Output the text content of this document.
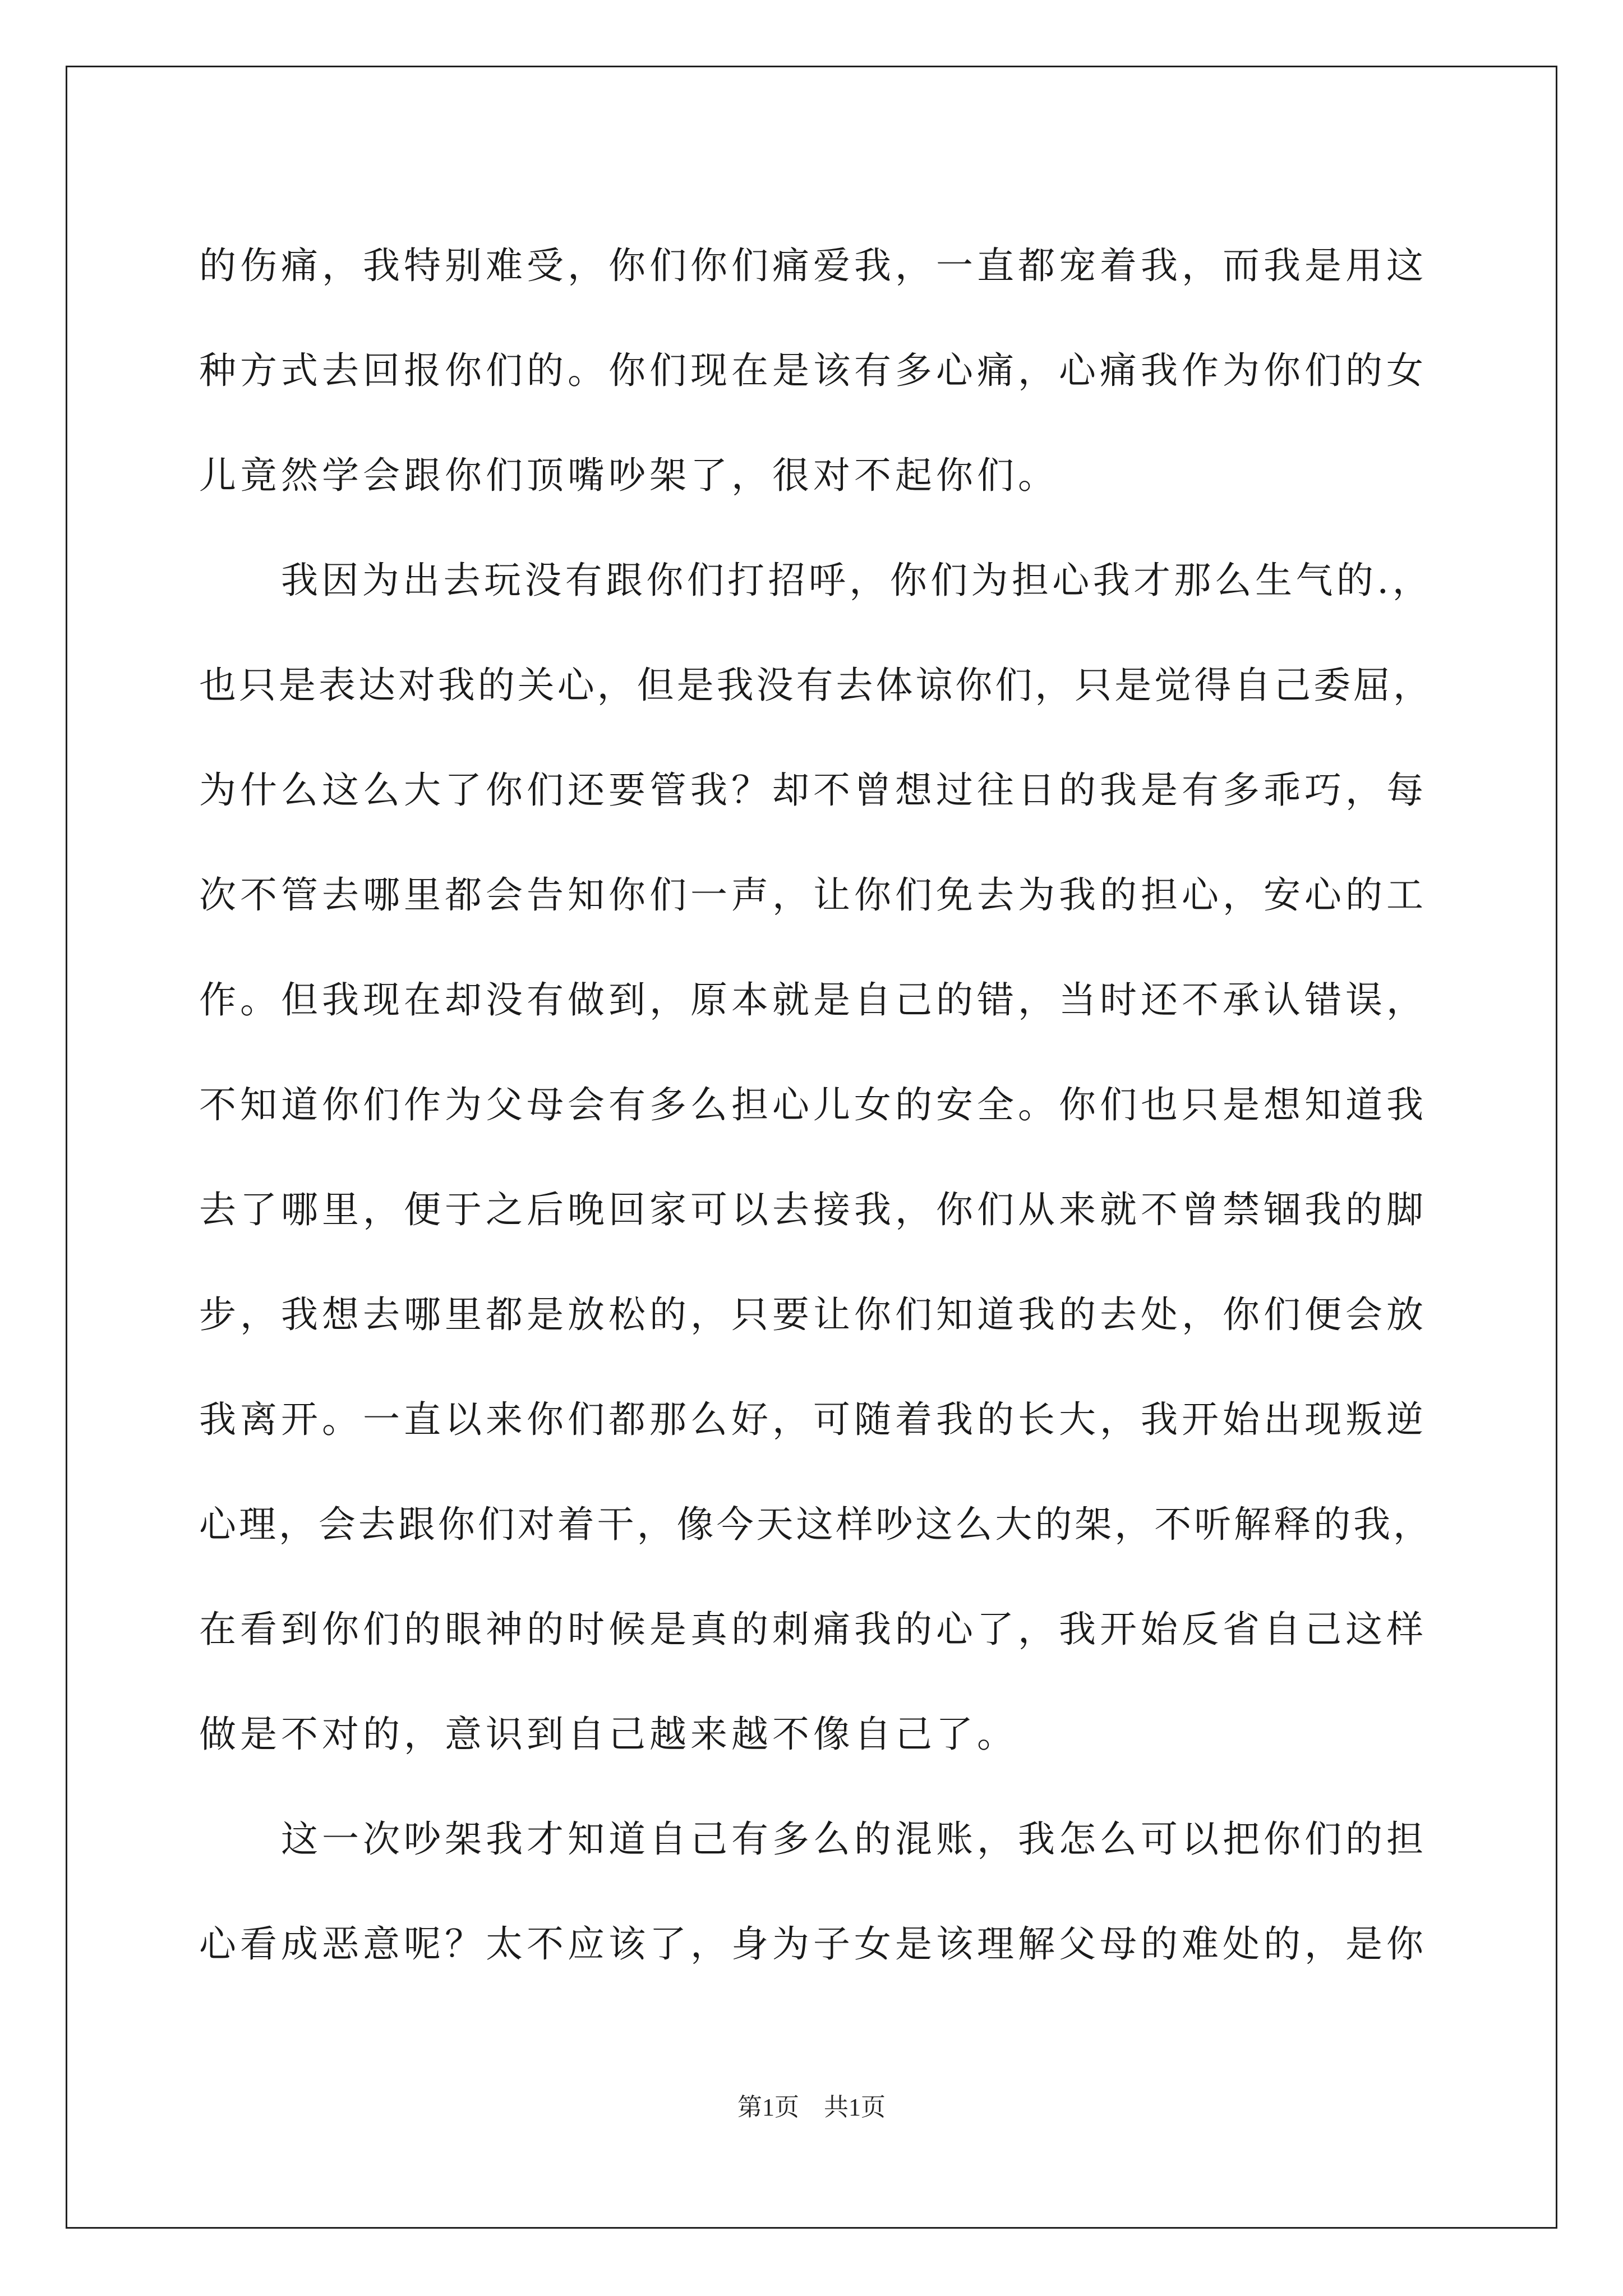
的伤痛，我特别难受，你们你们痛爱我，一直都宠着我，而我是用这
种方式去回报你们的。你们现在是该有多心痛，心痛我作为你们的女
儿竟然学会跟你们顶嘴吵架了，很对不起你们。
我因为出去玩没有跟你们打招呼，你们为担心我才那么生气的.，
也只是表达对我的关心，但是我没有去体谅你们，只是觉得自己委屈，
为什么这么大了你们还要管我？却不曾想过往日的我是有多乖巧，每
次不管去哪里都会告知你们一声，让你们免去为我的担心，安心的工
作。但我现在却没有做到，原本就是自己的错，当时还不承认错误，
不知道你们作为父母会有多么担心儿女的安全。你们也只是想知道我
去了哪里，便于之后晚回家可以去接我，你们从来就不曾禁锢我的脚
步，我想去哪里都是放松的，只要让你们知道我的去处，你们便会放
我离开。一直以来你们都那么好，可随着我的长大，我开始出现叛逆
心理，会去跟你们对着干，像今天这样吵这么大的架，不听解释的我，
在看到你们的眼神的时候是真的刺痛我的心了，我开始反省自己这样
做是不对的，意识到自己越来越不像自己了。
这一次吵架我才知道自己有多么的混账，我怎么可以把你们的担
心看成恶意呢？太不应该了，身为子女是该理解父母的难处的，是你
第1页　共1页
